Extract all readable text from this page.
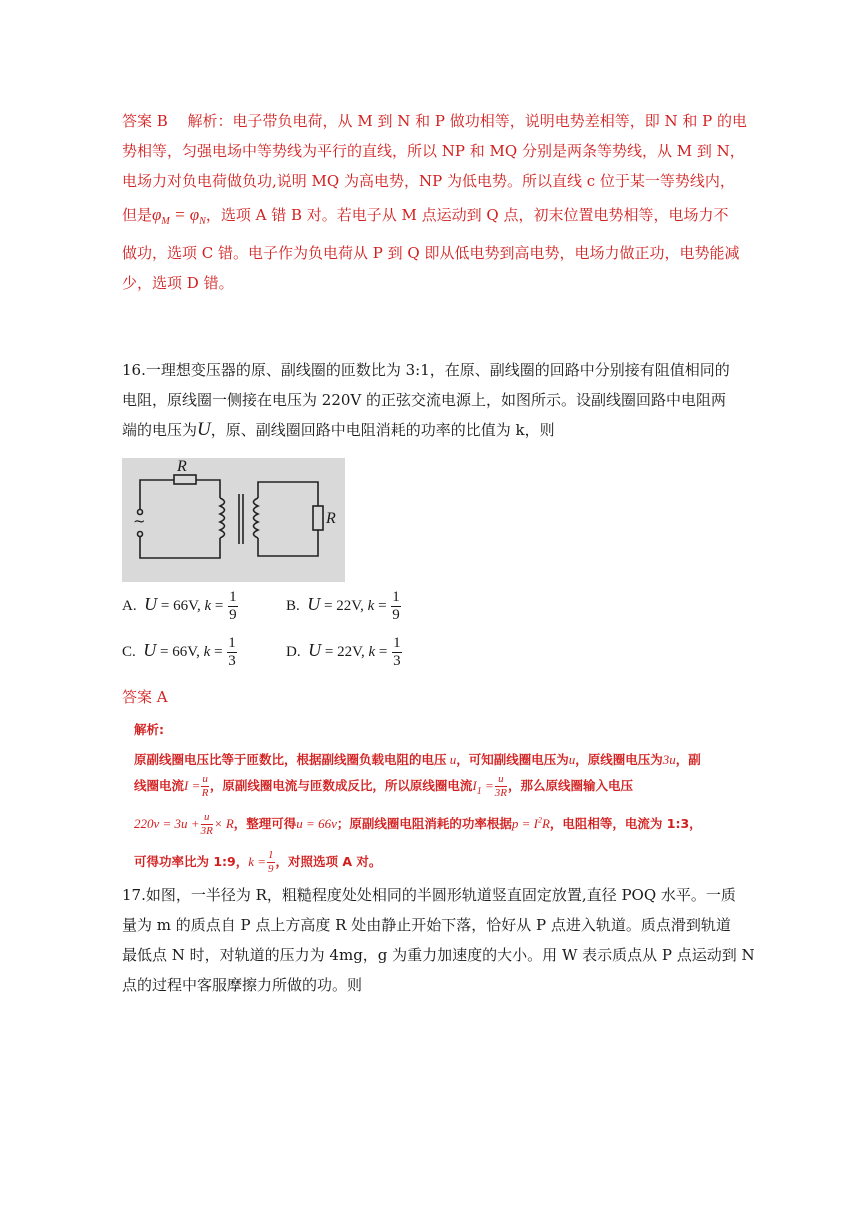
答案 B　 解析：电子带负电荷，从 M 到 N 和 P 做功相等，说明电势差相等，即 N 和 P 的电
势相等，匀强电场中等势线为平行的直线，所以 NP 和 MQ 分别是两条等势线，从 M 到 N，
电场力对负电荷做负功,说明 MQ 为高电势，NP 为低电势。所以直线 c 位于某一等势线内，
但是$\varphi_M = \varphi_N$，选项 A 错 B 对。若电子从 M 点运动到 Q 点，初末位置电势相等，电场力不
做功，选项 C 错。电子作为负电荷从 P 到 Q 即从低电势到高电势，电场力做正功，电势能减
少，选项 D 错。
16.一理想变压器的原、副线圈的匝数比为 3:1，在原、副线圈的回路中分别接有阻值相同的
电阻，原线圈一侧接在电压为 220V 的正弦交流电源上，如图所示。设副线圈回路中电阻两
端的电压为U，原、副线圈回路中电阻消耗的功率的比值为 k，则
R
R
~
A. U = 66V, $k = \frac{1}{9}$	B. U = 22V, $k = \frac{1}{9}$
C. U = 66V, $k = \frac{1}{3}$	D. U = 22V, $k = \frac{1}{3}$
答案 A
解析:
原副线圈电压比等于匝数比，根据副线圈负载电阻的电压 u，可知副线圈电压为u，原线圈电压为3u，副
线圈电流$I = \frac{u}{R}$ ，原副线圈电流与匝数成反比，所以原线圈电流$I_1 = \frac{u}{3R}$ ，那么原线圈输入电压
$220v = 3u + \frac{u}{3R} \times R$，整理可得u = 66v；原副线圈电阻消耗的功率根据$p = I^2R$，电阻相等，电流为 1:3，
可得功率比为 1:9，$k = \frac{1}{9}$ ，对照选项 A 对。
17.如图，一半径为 R，粗糙程度处处相同的半圆形轨道竖直固定放置,直径 POQ 水平。一质
量为 m 的质点自 P 点上方高度 R 处由静止开始下落，恰好从 P 点进入轨道。质点滑到轨道
最低点 N 时，对轨道的压力为 4mg，g 为重力加速度的大小。用 W 表示质点从 P 点运动到 N
点的过程中客服摩擦力所做的功。则
